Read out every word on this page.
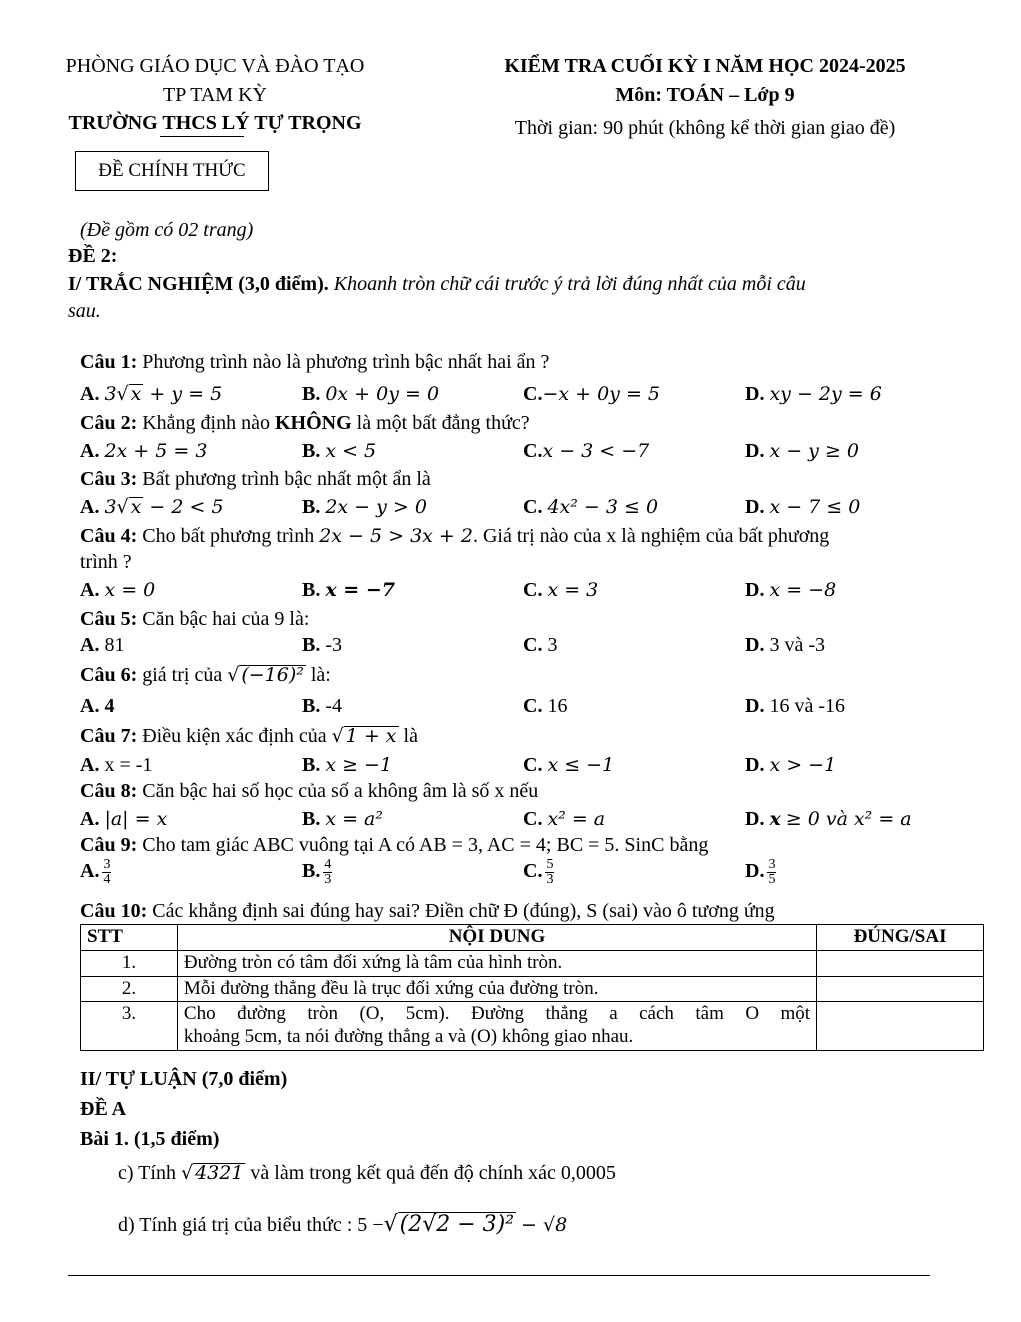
PHÒNG GIÁO DỤC VÀ ĐÀO TẠO
TP TAM KỲ
TRƯỜNG THCS LÝ TỰ TRỌNG
KIỂM TRA CUỐI KỲ I NĂM HỌC 2024-2025
Môn: TOÁN – Lớp 9
Thời gian: 90 phút (không kể thời gian giao đề)
ĐỀ CHÍNH THỨC
(Đề gồm có 02 trang)
ĐỀ 2:
I/ TRẮC NGHIỆM (3,0 điểm). Khoanh tròn chữ cái trước ý trả lời đúng nhất của mỗi câu
sau.
Câu 1: Phương trình nào là phương trình bậc nhất hai ẩn ?
A. 3√ x + y = 5	B. 0x + 0y = 0	C.−x + 0y = 5	D. xy − 2y = 6
Câu 2: Khẳng định nào KHÔNG là một bất đẳng thức?
A. 2x + 5 = 3	B. x < 5	C.x − 3 < −7	D. x − y ≥ 0
Câu 3: Bất phương trình bậc nhất một ẩn là
A. 3√ x − 2 < 5	B. 2x − y > 0	C. 4x² − 3 ≤ 0	D. x − 7 ≤ 0
Câu 4: Cho bất phương trình 2x − 5 > 3x + 2. Giá trị nào của x là nghiệm của bất phương
trình ?
A. x = 0	B. x = −7	C. x = 3	D. x = −8
Câu 5: Căn bậc hai của 9 là:
A. 81	B. -3	C. 3	D. 3 và -3
Câu 6: giá trị của √ (−16)² là:
A. 4	B. -4	C. 16	D. 16 và -16
Câu 7: Điều kiện xác định của √ 1 + x là
A. x = -1	B. x ≥ −1	C. x ≤ −1	D. x > −1
Câu 8: Căn bậc hai số học của số a không âm là số x nếu
A. |a| = x	B. x = a²	C. x² = a	D. x ≥ 0 và x² = a
Câu 9: Cho tam giác ABC vuông tại A có AB = 3, AC = 4; BC = 5. SinC bằng
A. $\frac{3}{4}$	B. $\frac{4}{3}$	C. $\frac{5}{3}$	D. $\frac{3}{5}$
Câu 10: Các khẳng định sai đúng hay sai? Điền chữ Đ (đúng), S (sai) vào ô tương ứng
STT	NỘI DUNG	ĐÚNG/SAI
1.	Đường tròn có tâm đối xứng là tâm của hình tròn.	
2.	Mỗi đường thẳng đều là trục đối xứng của đường tròn.	
3.	Cho đường tròn (O, 5cm). Đường thẳng a cách tâm O một
khoảng 5cm, ta nói đường thẳng a và (O) không giao nhau.	

II/ TỰ LUẬN (7,0 điểm)
ĐỀ A
Bài 1. (1,5 điểm)
c) Tính √ 4321 và làm trong kết quả đến độ chính xác 0,0005
d) Tính giá trị của biểu thức : 5 −√(2√2 − 3)² − √8
